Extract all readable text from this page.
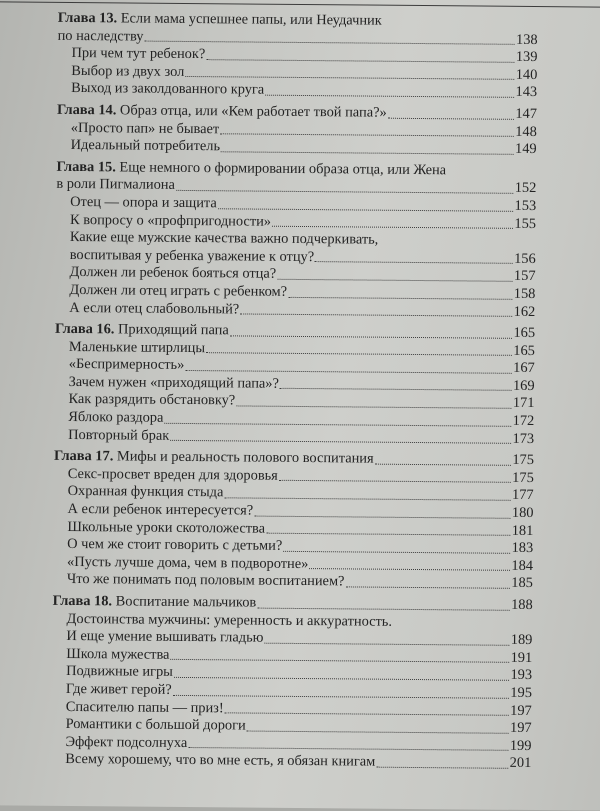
Глава 13. Если мама успешнее папы, или Неудачник
по наследству	138
При чем тут ребенок?	139
Выбор из двух зол	140
Выход из заколдованного круга	143
Глава 14. Образ отца, или «Кем работает твой папа?»	147
«Просто пап» не бывает	148
Идеальный потребитель	149
Глава 15. Еще немного о формировании образа отца, или Жена
в роли Пигмалиона	152
Отец — опора и защита	153
К вопросу о «профпригодности»	155
Какие еще мужские качества важно подчеркивать,
воспитывая у ребенка уважение к отцу?	156
Должен ли ребенок бояться отца?	157
Должен ли отец играть с ребенком?	158
А если отец слабовольный?	162
Глава 16. Приходящий папа	165
Маленькие штирлицы	165
«Беспримерность»	167
Зачем нужен «приходящий папа»?	169
Как разрядить обстановку?	171
Яблоко раздора	172
Повторный брак	173
Глава 17. Мифы и реальность полового воспитания	175
Секс-просвет вреден для здоровья	175
Охранная функция стыда	177
А если ребенок интересуется?	180
Школьные уроки скотоложества	181
О чем же стоит говорить с детьми?	183
«Пусть лучше дома, чем в подворотне»	184
Что же понимать под половым воспитанием?	185
Глава 18. Воспитание мальчиков	188
Достоинства мужчины: умеренность и аккуратность.
И еще умение вышивать гладью	189
Школа мужества	191
Подвижные игры	193
Где живет герой?	195
Спасителю папы — приз!	197
Романтики с большой дороги	197
Эффект подсолнуха	199
Всему хорошему, что во мне есть, я обязан книгам	201
